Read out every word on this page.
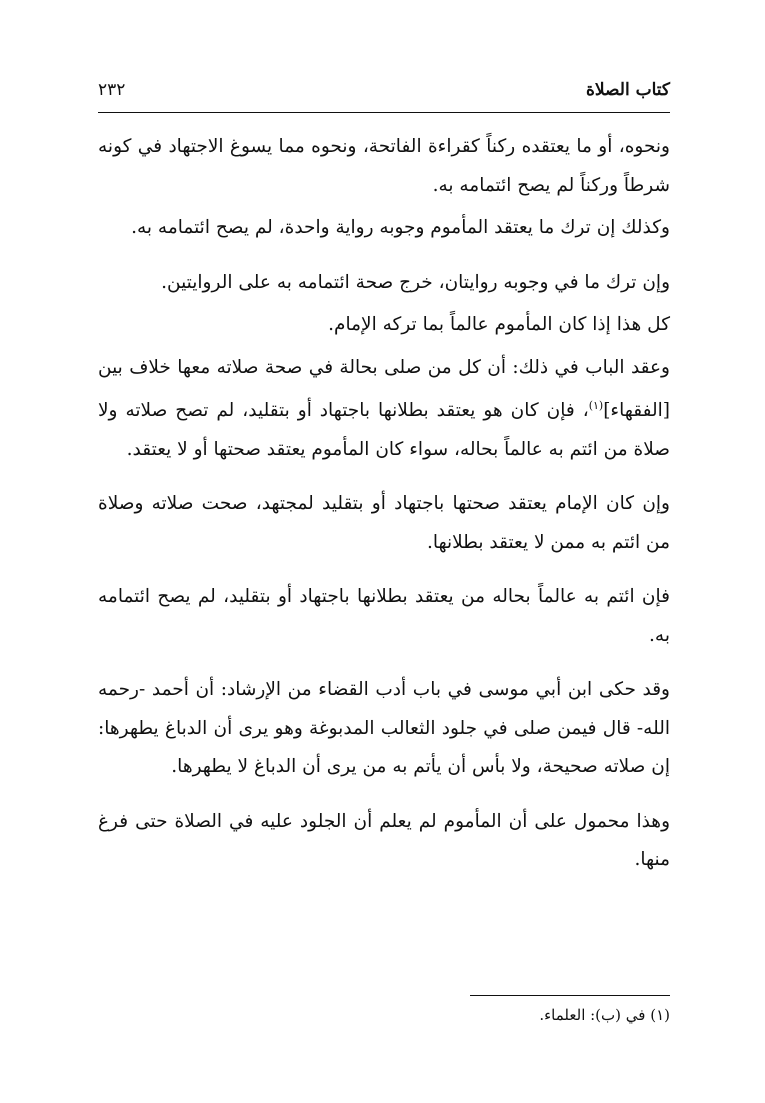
كتاب الصلاة
٢٣٢

ونحوه، أو ما يعتقده ركناً كقراءة الفاتحة، ونحوه مما يسوغ الاجتهاد في كونه شرطاً وركناً لم يصح ائتمامه به.

وكذلك إن ترك ما يعتقد المأموم وجوبه رواية واحدة، لم يصح ائتمامه به.

وإن ترك ما في وجوبه روايتان، خرج صحة ائتمامه به على الروايتين.

كل هذا إذا كان المأموم عالماً بما تركه الإمام.

وعقد الباب في ذلك: أن كل من صلى بحالة في صحة صلاته معها خلاف بين [الفقهاء]$^{(١)}$، فإن كان هو يعتقد بطلانها باجتهاد أو بتقليد، لم تصح صلاته ولا صلاة من ائتم به عالماً بحاله، سواء كان المأموم يعتقد صحتها أو لا يعتقد.

وإن كان الإمام يعتقد صحتها باجتهاد أو بتقليد لمجتهد، صحت صلاته وصلاة من ائتم به ممن لا يعتقد بطلانها.

فإن ائتم به عالماً بحاله من يعتقد بطلانها باجتهاد أو بتقليد، لم يصح ائتمامه به.

وقد حكى ابن أبي موسى في باب أدب القضاء من الإرشاد: أن أحمد -رحمه الله- قال فيمن صلى في جلود الثعالب المدبوغة وهو يرى أن الدباغ يطهرها: إن صلاته صحيحة، ولا بأس أن يأتم به من يرى أن الدباغ لا يطهرها.

وهذا محمول على أن المأموم لم يعلم أن الجلود عليه في الصلاة حتى فرغ منها.

(١) في (ب): العلماء.
